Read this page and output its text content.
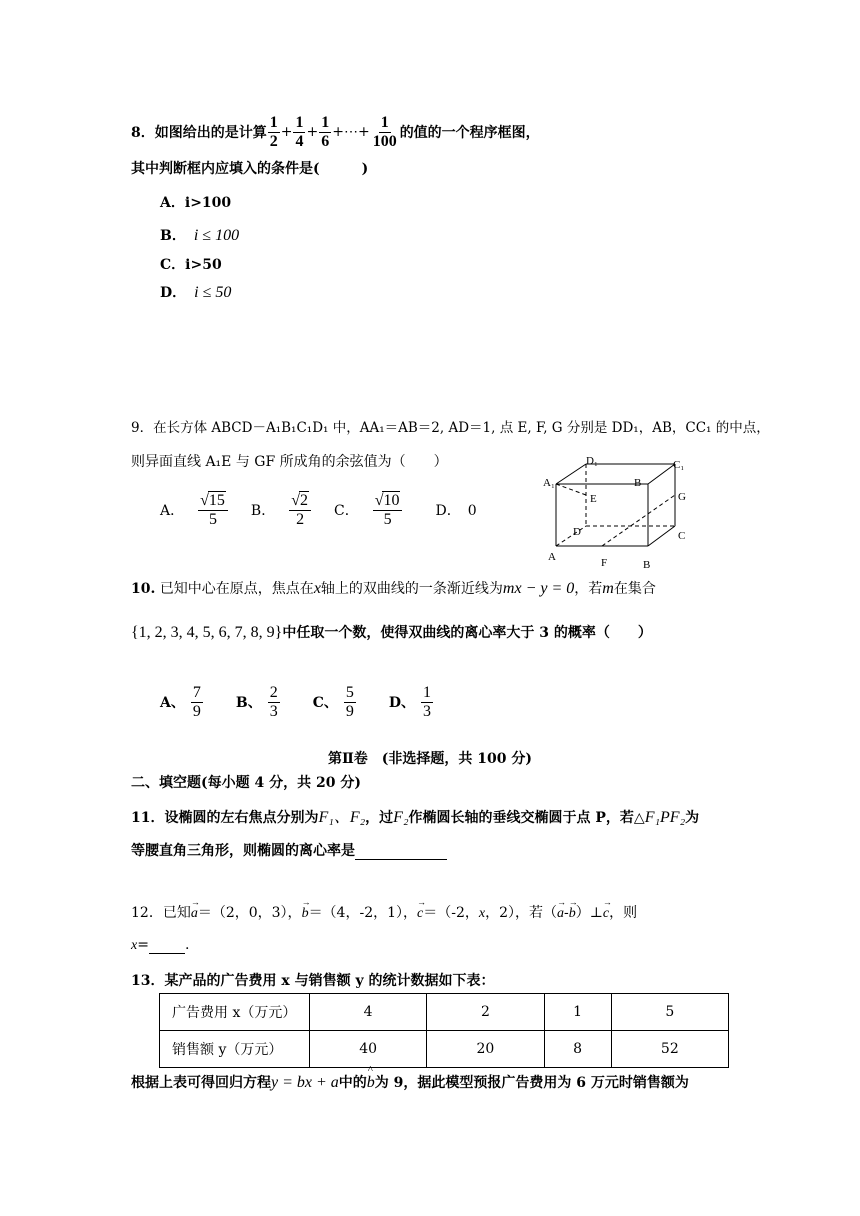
8．如图给出的是计算 $\frac{1}{2} + \frac{1}{4} + \frac{1}{6}$ + ⋯ + $\frac{1}{100}$ 的值的一个程序框图，
其中判断框内应填入的条件是(　　　)
A．i>100
B． i ≤ 100
C．i>50
D． i ≤ 50
9．在长方体 ABCD－A₁B₁C₁D₁ 中，AA₁＝AB＝2, AD＝1, 点 E, F, G 分别是 DD₁，AB，CC₁ 的中点，
则异面直线 A₁E 与 GF 所成角的余弦值为（　　）
A． $\frac{√15}{5}$ B． $\frac{√2}{2}$ C． $\frac{√10}{5}$ D．　0
D₁	C₁
A₁	B
E	G
D	C
A	F	B
10. 已知中心在原点，焦点在x轴上的双曲线的一条渐近线为mx − y = 0，若m在集合
{1, 2, 3, 4, 5, 6, 7, 8, 9}中任取一个数，使得双曲线的离心率大于 3 的概率（　　）
A、 $\frac{7}{9}$ B、 $\frac{2}{3}$ C、 $\frac{5}{9}$ D、 $\frac{1}{3}$
第Ⅱ卷　(非选择题，共 100 分)
二、填空题(每小题 4 分，共 20 分)
11．设椭圆的左右焦点分别为F₁、F₂，过F₂作椭圆长轴的垂线交椭圆于点 P，若△F₁PF₂为
等腰直角三角形，则椭圆的离心率是
12．已知→ a＝（2，0，3），→ b＝（4，-2，1），→ c＝（-2，x，2），若（→ a-→ b）⊥→ c，则
x=	.
13．某产品的广告费用 x 与销售额 y 的统计数据如下表：
广告费用 x（万元）	4	2	1	5
销售额 y（万元）	40	20	8	52
根据上表可得回归方程y = bx + a中的^ b为 9，据此模型预报广告费用为 6 万元时销售额为
